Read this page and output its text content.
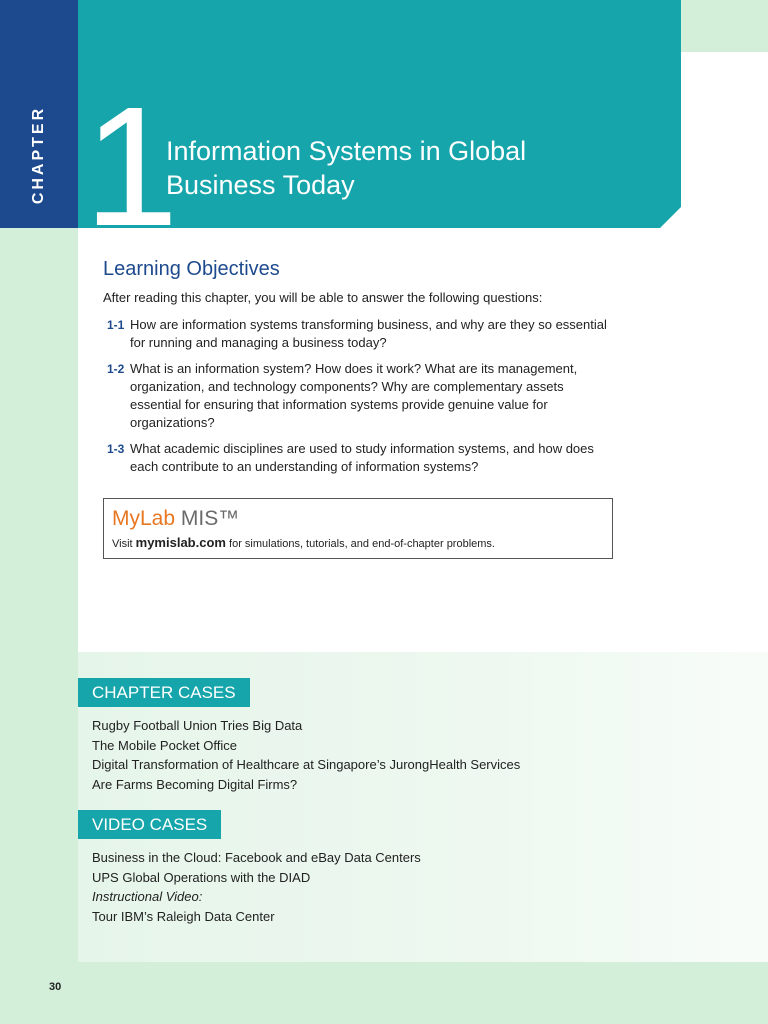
CHAPTER 1
Information Systems in Global
Business Today
Learning Objectives
After reading this chapter, you will be able to answer the following questions:
1-1 How are information systems transforming business, and why are they so essential for running and managing a business today?
1-2 What is an information system? How does it work? What are its management, organization, and technology components? Why are complementary assets essential for ensuring that information systems provide genuine value for organizations?
1-3 What academic disciplines are used to study information systems, and how does each contribute to an understanding of information systems?
MyLab MIS™
Visit mymislab.com for simulations, tutorials, and end-of-chapter problems.
CHAPTER CASES
Rugby Football Union Tries Big Data
The Mobile Pocket Office
Digital Transformation of Healthcare at Singapore’s JurongHealth Services
Are Farms Becoming Digital Firms?
VIDEO CASES
Business in the Cloud: Facebook and eBay Data Centers
UPS Global Operations with the DIAD
Instructional Video:
Tour IBM’s Raleigh Data Center
30
